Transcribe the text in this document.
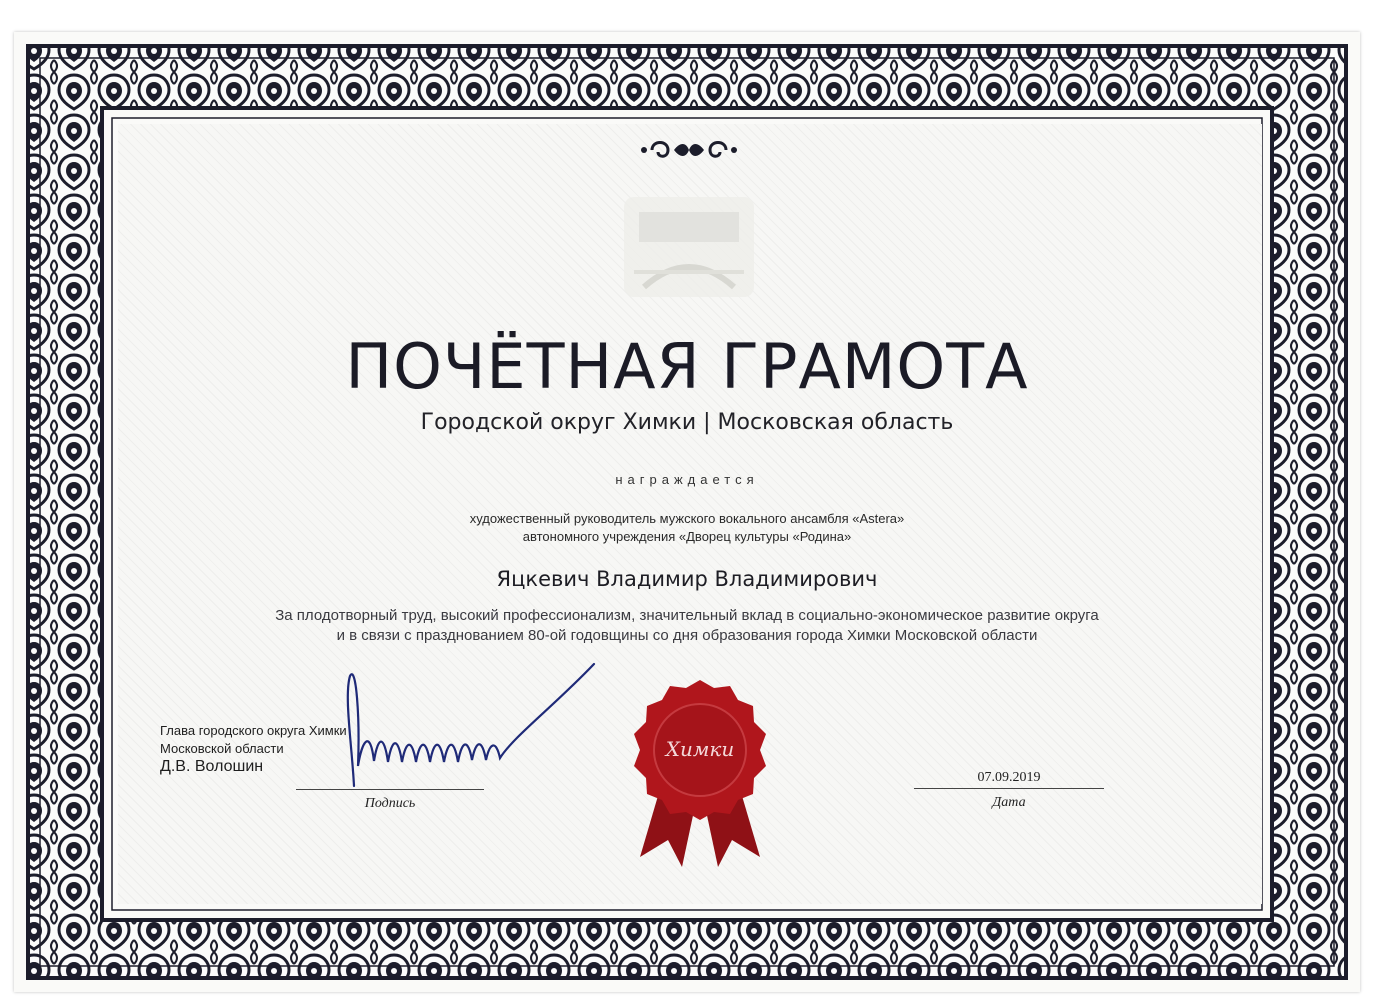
ПОЧЁТНАЯ ГРАМОТА
Городской округ Химки | Московская область
награждается
художественный руководитель мужского вокального ансамбля «Astera»
автономного учреждения «Дворец культуры «Родина»
Яцкевич Владимир Владимирович
За плодотворный труд, высокий профессионализм, значительный вклад в социально-экономическое развитие округа
и в связи с празднованием 80-ой годовщины со дня образования города Химки Московской области
Глава городского округа Химки
Московской области
Д.В. Волошин
Подпись
Химки
07.09.2019
Дата
